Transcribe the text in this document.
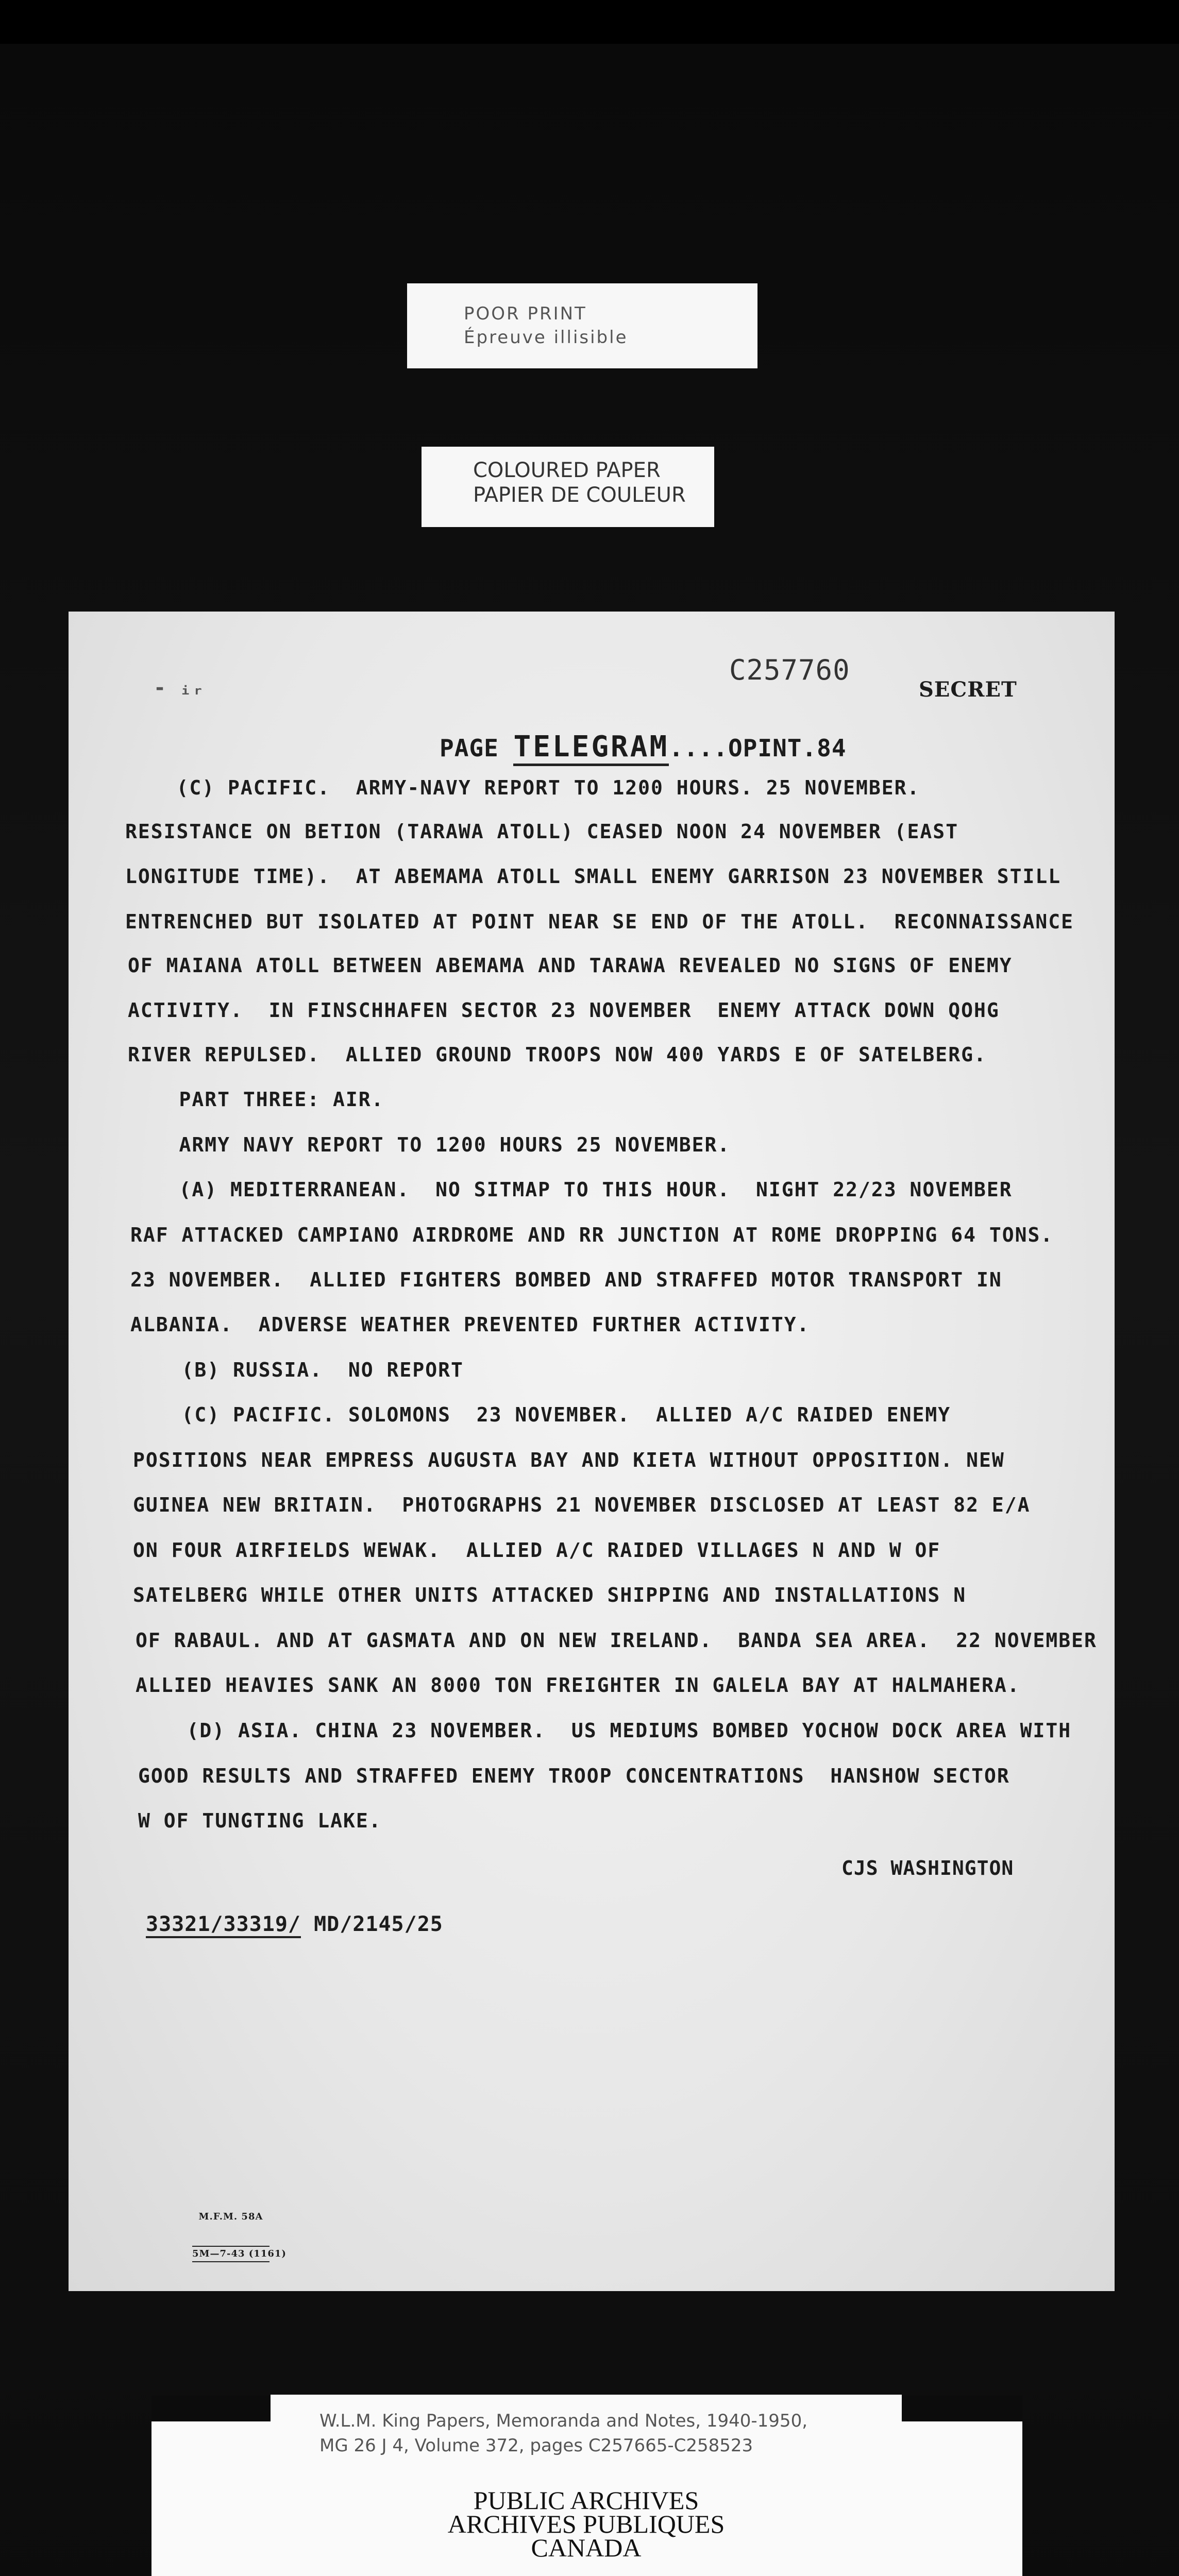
POOR PRINT
Épreuve illisible
COLOURED PAPER
PAPIER DE COULEUR
C257760
SECRET
- ᵢᵣ
PAGE TELEGRAM....OPINT.84
(C) PACIFIC.  ARMY-NAVY REPORT TO 1200 HOURS. 25 NOVEMBER.
RESISTANCE ON BETION (TARAWA ATOLL) CEASED NOON 24 NOVEMBER (EAST
LONGITUDE TIME).  AT ABEMAMA ATOLL SMALL ENEMY GARRISON 23 NOVEMBER STILL
ENTRENCHED BUT ISOLATED AT POINT NEAR SE END OF THE ATOLL.  RECONNAISSANCE
OF MAIANA ATOLL BETWEEN ABEMAMA AND TARAWA REVEALED NO SIGNS OF ENEMY
ACTIVITY.  IN FINSCHHAFEN SECTOR 23 NOVEMBER  ENEMY ATTACK DOWN QOHG
RIVER REPULSED.  ALLIED GROUND TROOPS NOW 400 YARDS E OF SATELBERG.
PART THREE: AIR.
ARMY NAVY REPORT TO 1200 HOURS 25 NOVEMBER.
(A) MEDITERRANEAN.  NO SITMAP TO THIS HOUR.  NIGHT 22/23 NOVEMBER
RAF ATTACKED CAMPIANO AIRDROME AND RR JUNCTION AT ROME DROPPING 64 TONS.
23 NOVEMBER.  ALLIED FIGHTERS BOMBED AND STRAFFED MOTOR TRANSPORT IN
ALBANIA.  ADVERSE WEATHER PREVENTED FURTHER ACTIVITY.
(B) RUSSIA.  NO REPORT
(C) PACIFIC. SOLOMONS  23 NOVEMBER.  ALLIED A/C RAIDED ENEMY
POSITIONS NEAR EMPRESS AUGUSTA BAY AND KIETA WITHOUT OPPOSITION. NEW
GUINEA NEW BRITAIN.  PHOTOGRAPHS 21 NOVEMBER DISCLOSED AT LEAST 82 E/A
ON FOUR AIRFIELDS WEWAK.  ALLIED A/C RAIDED VILLAGES N AND W OF
SATELBERG WHILE OTHER UNITS ATTACKED SHIPPING AND INSTALLATIONS N
OF RABAUL. AND AT GASMATA AND ON NEW IRELAND.  BANDA SEA AREA.  22 NOVEMBER
ALLIED HEAVIES SANK AN 8000 TON FREIGHTER IN GALELA BAY AT HALMAHERA.
(D) ASIA. CHINA 23 NOVEMBER.  US MEDIUMS BOMBED YOCHOW DOCK AREA WITH
GOOD RESULTS AND STRAFFED ENEMY TROOP CONCENTRATIONS  HANSHOW SECTOR
W OF TUNGTING LAKE.
CJS WASHINGTON
33321/33319/ MD/2145/25

M.F.M. 58A

5M—7-43 (1161)

W.L.M. King Papers, Memoranda and Notes, 1940-1950,
MG 26 J 4, Volume 372, pages C257665-C258523
PUBLIC ARCHIVES
ARCHIVES PUBLIQUES
CANADA
